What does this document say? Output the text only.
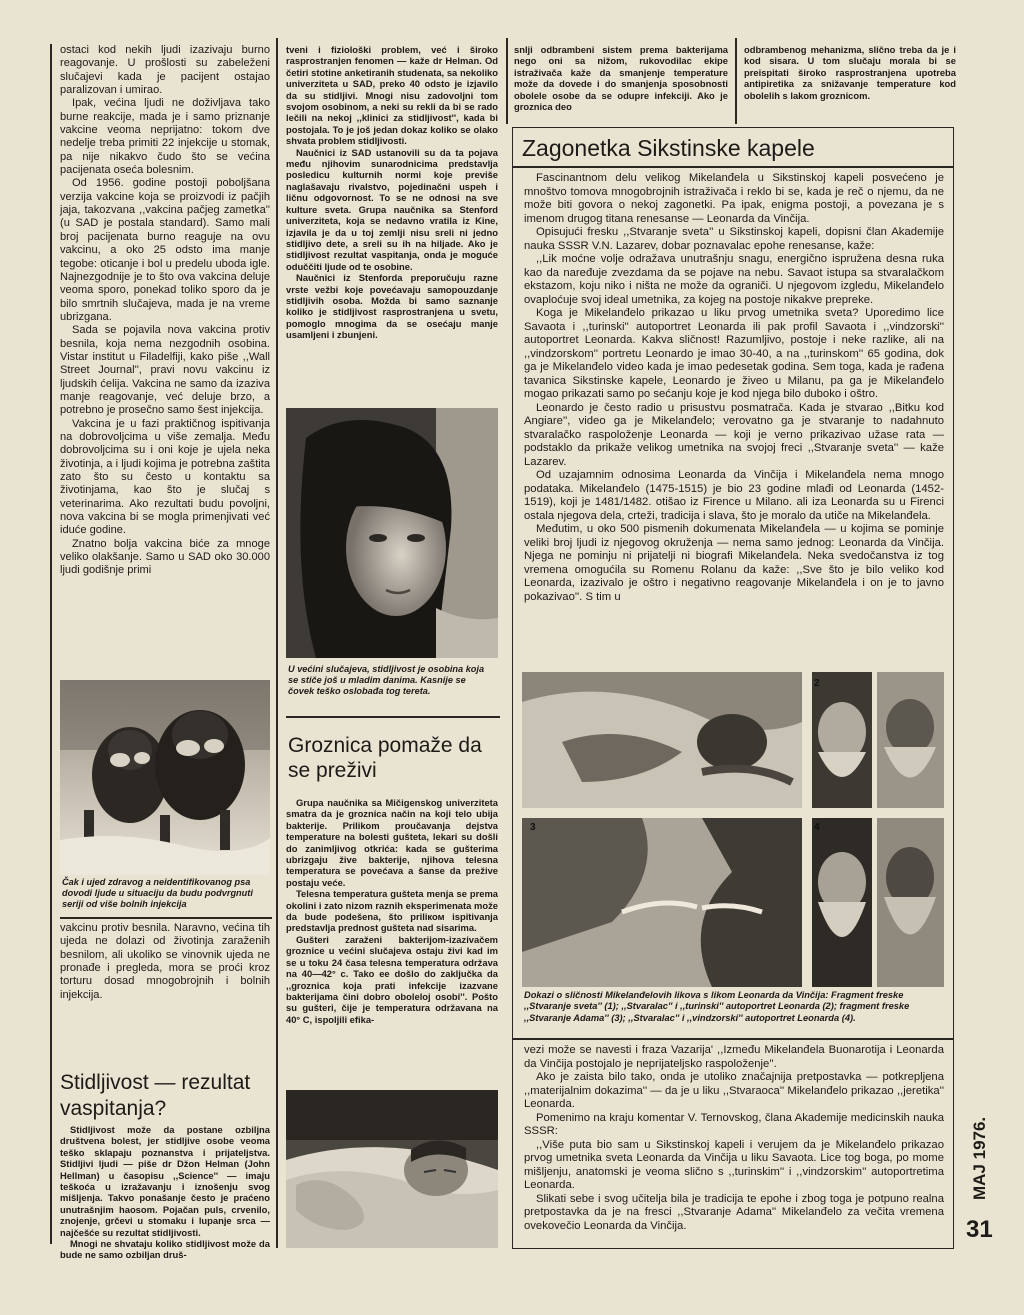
ostaci kod nekih ljudi izazivaju burno reagovanje. U prošlosti su zabeleženi slučajevi kada je pacijent ostajao paralizovan i umirao.

Ipak, većina ljudi ne doživljava tako burne reakcije, mada je i samo priznanje vakcine veoma neprijatno: tokom dve nedelje treba primiti 22 injekcije u stomak, pa nije nikakvo čudo što se većina pacijenata oseća bolesnim.

Od 1956. godine postoji poboljšana verzija vakcine koja se proizvodi iz pačjih jaja, takozvana ,,vakcina pačjeg zametka'' (u SAD je postala standard). Samo mali broj pacijenata burno reaguje na ovu vakcinu, a oko 25 odsto ima manje tegobe: oticanje i bol u predelu uboda igle. Najnezgodnije je to što ova vakcina deluje veoma sporo, ponekad toliko sporo da je bilo smrtnih slučajeva, mada je na vreme ubrizgana.

Sada se pojavila nova vakcina protiv besnila, koja nema nezgodnih osobina. Vistar institut u Filadelfiji, kako piše ,,Wall Street Journal'', pravi novu vakcinu iz ljudskih ćelija. Vakcina ne samo da izaziva manje reagovanje, već deluje brzo, a potrebno je prosečno samo šest injekcija.

Vakcina je u fazi praktičnog ispitivanja na dobrovoljcima u više zemalja. Među dobrovoljcima su i oni koje je ujela neka životinja, a i ljudi kojima je potrebna zaštita zato što su često u kontaktu sa životinjama, kao što je slučaj s veterinarima. Ako rezultati budu povoljni, nova vakcina bi se mogla primenjivati već iduće godine.

Znatno bolja vakcina biće za mnoge veliko olakšanje. Samo u SAD oko 30.000 ljudi godišnje primi

Čak i ujed zdravog a neidentifikovanog psa dovodi ljude u situaciju da budu podvrgnuti seriji od više bolnih injekcija

vakcinu protiv besnila. Naravno, većina tih ujeda ne dolazi od životinja zaraženih besnilom, ali ukoliko se vinovnik ujeda ne pronađe i pregleda, mora se proći kroz torturu dosad mnogobrojnih i bolnih injekcija.

Stidljivost — rezultat vaspitanja?

Stidljivost može da postane ozbiljna društvena bolest, jer stidljive osobe veoma teško sklapaju poznanstva i prijateljstva. Stidljivi ljudi — piše dr Džon Helman (John Hellman) u časopisu ,,Science'' — imaju teškoća u izražavanju i iznošenju svog mišljenja. Takvo ponašanje često je praćeno unutrašnjim haosom. Pojačan puls, crvenilo, znojenje, grčevi u stomaku i lupanje srca — najčešće su rezultat stidljivosti.

Mnogi ne shvataju koliko stidljivost može da bude ne samo ozbiljan druš-

tveni i fiziološki problem, već i široko rasprostranjen fenomen — kaže dr Helman. Od četiri stotine anketiranih studenata, sa nekoliko univerziteta u SAD, preko 40 odsto je izjavilo da su stidljivi. Mnogi nisu zadovoljni tom svojom osobinom, a neki su rekli da bi se rado lečili na nekoj ,,klinici za stidljivost'', kada bi postojala. To je još jedan dokaz koliko se olako shvata problem stidljivosti.

Naučnici iz SAD ustanovili su da ta pojava među njihovim sunarodnicima predstavlja posledicu kulturnih normi koje previše naglašavaju rivalstvo, pojedinačni uspeh i ličnu odgovornost. To se ne odnosi na sve kulture sveta. Grupa naučnika sa Stenford univerziteta, koja se nedavno vratila iz Kine, izjavila je da u toj zemlji nisu sreli ni jedno stidljivo dete, a sreli su ih na hiljade. Ako je stidljivost rezultat vaspitanja, onda je moguće oduččiti ljude od te osobine.

Naučnici iz Stenforda preporučuju razne vrste vežbi koje povećavaju samopouzdanje stidljivih osoba. Možda bi samo saznanje koliko je stidljivost rasprostranjena u svetu, pomoglo mnogima da se osećaju manje usamljeni i zbunjeni.

U većini slučajeva, stidljivost je osobina koja se stiče još u mladim danima. Kasnije se čovek teško oslobađa tog tereta.
Groznica pomaže da se preživi

Grupa naučnika sa Mičigenskog univerziteta smatra da je groznica način na koji telo ubija bakterije. Prilikom proučavanja dejstva temperature na bolesti gušteta, lekari su došli do zanimljivog otkrića: kada se gušterima ubrizgaju žive bakterije, njihova telesna temperatura se povećava a šanse da preživе postaju veće.

Telesna temperatura gušteta menja se prema okolini i zato nizom raznih eksperimenata može da bude podešena, što priliком ispitivanja predstavlja prednost gušteta nad sisarima.

Gušteri zaraženi bakterijom-izazivačem groznice u većini slučajeva ostaju živi kad im se u toku 24 časa telesna temperatura održava na 40—42° c. Takо ee došlo do zaključka da ,,groznica koja prati infekcije izazvane bakterijama čini dobro obolelој osobi''. Pošto su gušteri, čije je temperatura održavana na 40° C, ispoljili efika-

snIji odbrambeni sistem prema bakterijama nego oni sa nižom, rukovodilac ekipe istraživača kaže da smanjenje temperature može da dovede i do smanjenja sposobnosti obolele osobe da se odupre infekciji. Ako je groznica deo

odbrambenog mehanizma, slično treba da je i kod sisara. U tom slučaju morala bi se preispitati široko rasprostranjena upotreba antipiretika za snižavanje temperature kod obolelih s lakom groznicom.

Zagonetka Sikstinske kapele

Fascinantnom delu velikog Mikelanđela u Sikstinskoj kapeli posvećeno je mnoštvo tomova mnogobrojnih istraživača i reklo bi se, kada je reč o njemu, da ne može biti govora o nekoj zagonetki. Pa ipak, enigma postoji, a povezana je s imenom drugog titana renesanse — Leonarda da Vinčija.

Opisujući fresku ,,Stvaranje sveta'' u Sikstinskoj kapeli, dopisni član Akademije nauka SSSR V.N. Lazarev, dobar poznavalac epohe renesanse, kaže:

,,Lik moćne volje odražava unutrašnju snagu, energično ispružena desna ruka kao da naređuje zvezdama da se pojave na nebu. Savaot istupa sa stvaralačkom ekstazom, koju niko i ništa ne može da ograniči. U njegovom izgledu, Mikelanđelo ovaploćuje svoj ideal umetnika, za kojeg na postoje nikakve prepreke.

Koga je Mikelanđelo prikazao u liku prvog umetnika sveta? Uporedimo lice Savaota i ,,turinski'' autoportret Leonarda ili pak profil Savaota i ,,vindzorski'' autoportret Leonarda. Kakva sličnost! Razumljivo, postoje i neke razlike, ali na ,,vindzorskom'' portretu Leonardo je imao 30-40, a na ,,turinskom'' 65 godina, dok ga je Mikelanđelo video kada je imao pedesetak godina. Sem toga, kada je rađena tavanica Sikstinske kapele, Leonardo je živeo u Milanu, pa ga je Mikelanđelo mogao prikazati samo po sećanju koje je kod njega bilo duboko i oštro.

Leonardo je često radio u prisustvu posmatrača. Kada je stvarao ,,Bitku kod Angiare'', video ga je Mikelanđelo; verovatno ga je stvaranje to nadahnuto stvaralačko raspoloženje Leonarda — koji je verno prikazivao užase rata — podstaklo da prikaže velikog umetnika na svojoj freci ,,Stvaranje sveta'' — kaže Lazarev.

Od uzajamnim odnosima Leonarda da Vinčija i Mikelanđela nema mnogo podataka. Mikelanđelo (1475-1515) je bio 23 godine mlađi od Leonarda (1452-1519), koji je 1481/1482. otišao iz Firence u Milano. ali iza Leonarda su u Firenci ostala njegova dela, crteži, tradicija i slava, što je moralo da utiče na Mikelanđela.

Međutim, u oko 500 pismenih dokumenata Mikelanđela — u kojima se pominje veliki broj ljudi iz njegovog okruženja — nema samo jednog: Leonarda da Vinčija. Njega ne pominju ni prijatelji ni biografi Mikelanđela. Neka svedočanstva iz tog vremena omogućila su Romenu Rolanu da kaže: ,,Sve što je bilo veliko kod Leonarda, izazivalo je oštro i negativno reagovanje Mikelanđela i on je to javno pokazivao''. S tim u

2
3	4
Dokazi o sličnosti Mikelanđelovih likova s likom Leonarda da Vinčija: Fragment freske ,,Stvaranje sveta'' (1); ,,Stvaralac'' i ,,turinski'' autoportret Leonarda (2); fragment freske ,,Stvaranje Adama'' (3); ,,Stvaralac'' i ,,vindzorski'' autoportret Leonarda (4).

vezi može se navesti i fraza Vazarija' ,,Između Mikelanđela Buonarotija i Leonarda da Vinčija postojalo je neprijateljsko raspoloženje''.

Ako je zaista bilo tako, onda je utoliko značajnija pretpostavka — potkrepljena ,,materijalnim dokazima'' — da je u liku ,,Stvaraoca'' Mikelanđelo prikazao ,,jeretika'' Leonarda.

Pomenimo na kraju komentar V. Ternovskog, člana Akademije medicinskih nauka SSSR:

,,Više puta bio sam u Sikstinskoj kapeli i verujem da je Mikelanđelo prikazao prvog umetnika sveta Leonarda da Vinčija u liku Savaota. Lice tog boga, po mome mišljenju, anatomski je veoma slično s ,,turinskim'' i ,,vindzorskim'' autoportretima Leonarda.

Slikati sebe i svog učitelja bila je tradicija te epohe i zbog toga je potpuno realna pretpostavka da je na fresci ,,Stvaranje Adama'' Mikelanđelo za večita vremena ovekovečio Leonarda da Vinčija.

MAJ 1976.
31
